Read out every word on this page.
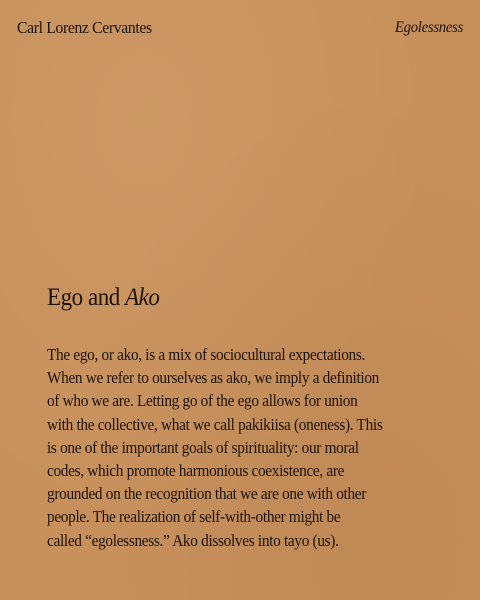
Carl Lorenz Cervantes	Egolessness
Ego and Ako

The ego, or ako, is a mix of sociocultural expectations.
When we refer to ourselves as ako, we imply a definition
of who we are. Letting go of the ego allows for union
with the collective, what we call pakikiisa (oneness). This
is one of the important goals of spirituality: our moral
codes, which promote harmonious coexistence, are
grounded on the recognition that we are one with other
people. The realization of self-with-other might be
called “egolessness.” Ako dissolves into tayo (us).
